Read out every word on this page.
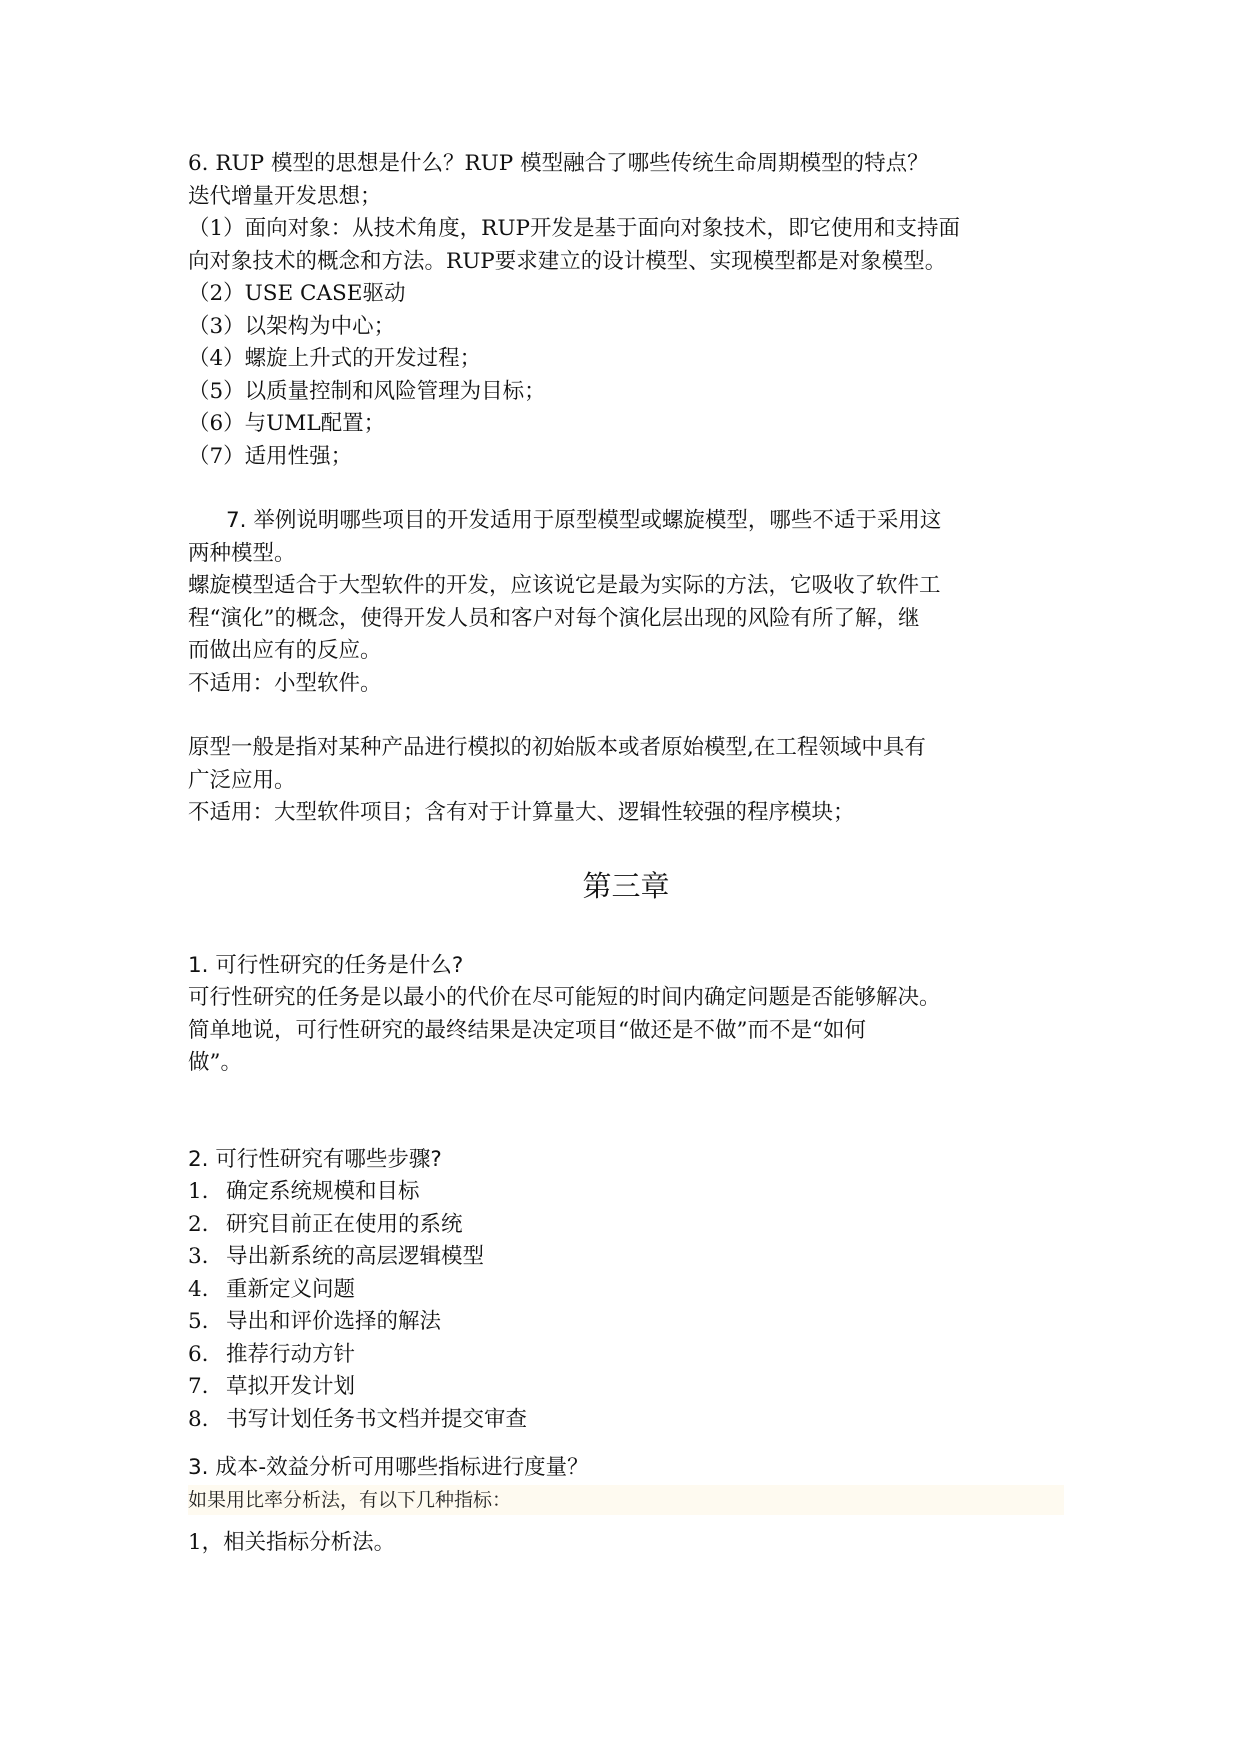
6. RUP 模型的思想是什么？RUP 模型融合了哪些传统生命周期模型的特点？
迭代增量开发思想；
（1）面向对象：从技术角度，RUP开发是基于面向对象技术，即它使用和支持面
向对象技术的概念和方法。RUP要求建立的设计模型、实现模型都是对象模型。
（2）USE CASE驱动
（3）以架构为中心；
（4）螺旋上升式的开发过程；
（5）以质量控制和风险管理为目标；
（6）与UML配置；
（7）适用性强；
7. 举例说明哪些项目的开发适用于原型模型或螺旋模型，哪些不适于采用这
两种模型。
螺旋模型适合于大型软件的开发，应该说它是最为实际的方法，它吸收了软件工
程“演化”的概念，使得开发人员和客户对每个演化层出现的风险有所了解，继
而做出应有的反应。
不适用：小型软件。
原型一般是指对某种产品进行模拟的初始版本或者原始模型,在工程领域中具有
广泛应用。
不适用：大型软件项目；含有对于计算量大、逻辑性较强的程序模块；
第三章
1. 可行性研究的任务是什么?
可行性研究的任务是以最小的代价在尽可能短的时间内确定问题是否能够解决。
简单地说，可行性研究的最终结果是决定项目“做还是不做”而不是“如何
做”。
2. 可行性研究有哪些步骤?
1. 确定系统规模和目标
2. 研究目前正在使用的系统
3. 导出新系统的高层逻辑模型
4. 重新定义问题
5. 导出和评价选择的解法
6. 推荐行动方针
7. 草拟开发计划
8. 书写计划任务书文档并提交审查
3. 成本-效益分析可用哪些指标进行度量？
如果用比率分析法，有以下几种指标：
1，相关指标分析法。
